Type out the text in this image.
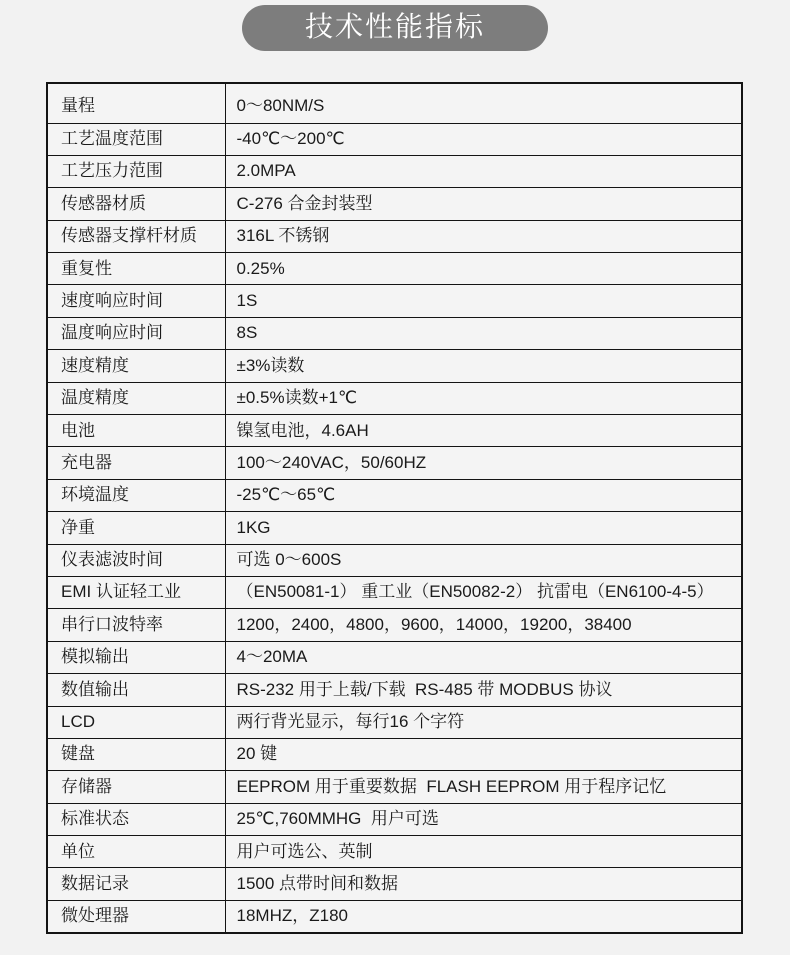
技术性能指标
量程	0～80NM/S
工艺温度范围	-40℃～200℃
工艺压力范围	2.0MPA
传感器材质	C-276 合金封装型
传感器支撑杆材质	316L 不锈钢
重复性	0.25%
速度响应时间	1S
温度响应时间	8S
速度精度	±3%读数
温度精度	±0.5%读数+1℃
电池	镍氢电池，4.6AH
充电器	100～240VAC，50/60HZ
环境温度	-25℃～65℃
净重	1KG
仪表滤波时间	可选 0～600S
EMI 认证轻工业	（EN50081-1） 重工业（EN50082-2） 抗雷电（EN6100-4-5）
串行口波特率	1200，2400，4800，9600，14000，19200，38400
模拟输出	4～20MA
数值输出	RS-232 用于上载/下载  RS-485 带 MODBUS 协议
LCD	两行背光显示，每行16 个字符
键盘	20 键
存储器	EEPROM 用于重要数据  FLASH EEPROM 用于程序记忆
标准状态	25℃,760MMHG  用户可选
单位	用户可选公、英制
数据记录	1500 点带时间和数据
微处理器	18MHZ，Z180
